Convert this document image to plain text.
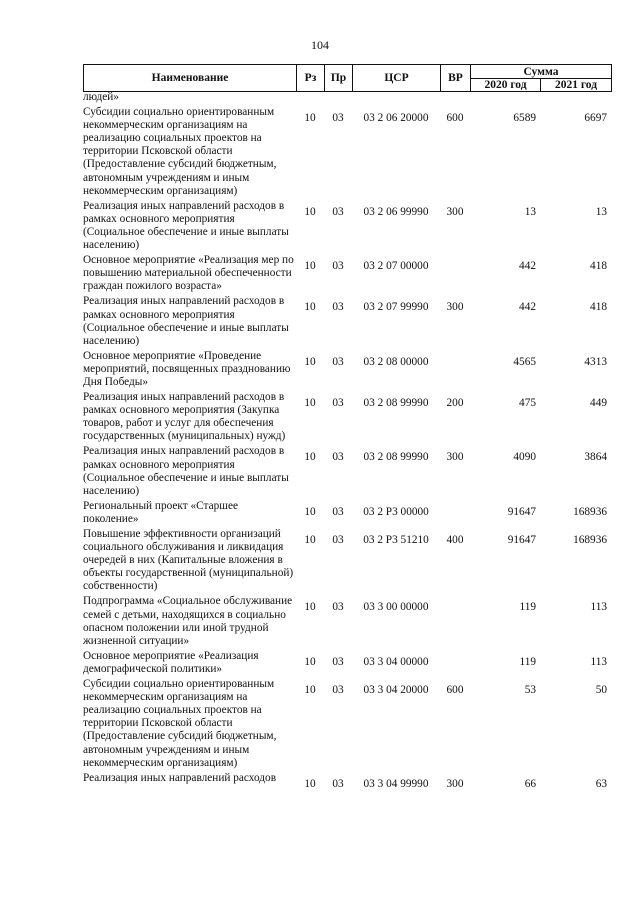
104
Наименование	Рз	Пр	ЦСР	ВР	Сумма	
					2020 год	2021 год
людей»						
Субсидии социально ориентированным некоммерческим организациям на реализацию социальных проектов на территории Псковской области (Предоставление субсидий бюджетным, автономным учреждениям и иным некоммерческим организациям)	10	03	03 2 06 20000	600	6589	6697
Реализация иных направлений расходов в рамках основного мероприятия (Социальное обеспечение и иные выплаты населению)	10	03	03 2 06 99990	300	13	13
Основное мероприятие «Реализация мер по повышению материальной обеспеченности граждан пожилого возраста»	10	03	03 2 07 00000		442	418
Реализация иных направлений расходов в рамках основного мероприятия (Социальное обеспечение и иные выплаты населению)	10	03	03 2 07 99990	300	442	418
Основное мероприятие «Проведение мероприятий, посвященных празднованию Дня Победы»	10	03	03 2 08 00000		4565	4313
Реализация иных направлений расходов в рамках основного мероприятия (Закупка товаров, работ и услуг для обеспечения государственных (муниципальных) нужд)	10	03	03 2 08 99990	200	475	449
Реализация иных направлений расходов в рамках основного мероприятия (Социальное обеспечение и иные выплаты населению)	10	03	03 2 08 99990	300	4090	3864
Региональный проект «Старшее поколение»	10	03	03 2 P3 00000		91647	168936
Повышение эффективности организаций социального обслуживания и ликвидация очередей в них (Капитальные вложения в объекты государственной (муниципальной) собственности)	10	03	03 2 P3 51210	400	91647	168936
Подпрограмма «Социальное обслуживание семей с детьми, находящихся в социально опасном положении или иной трудной жизненной ситуации»	10	03	03 3 00 00000		119	113
Основное мероприятие «Реализация демографической политики»	10	03	03 3 04 00000		119	113
Субсидии социально ориентированным некоммерческим организациям на реализацию социальных проектов на территории Псковской области (Предоставление субсидий бюджетным, автономным учреждениям и иным некоммерческим организациям)	10	03	03 3 04 20000	600	53	50
Реализация иных направлений расходов	10	03	03 3 04 99990	300	66	63
